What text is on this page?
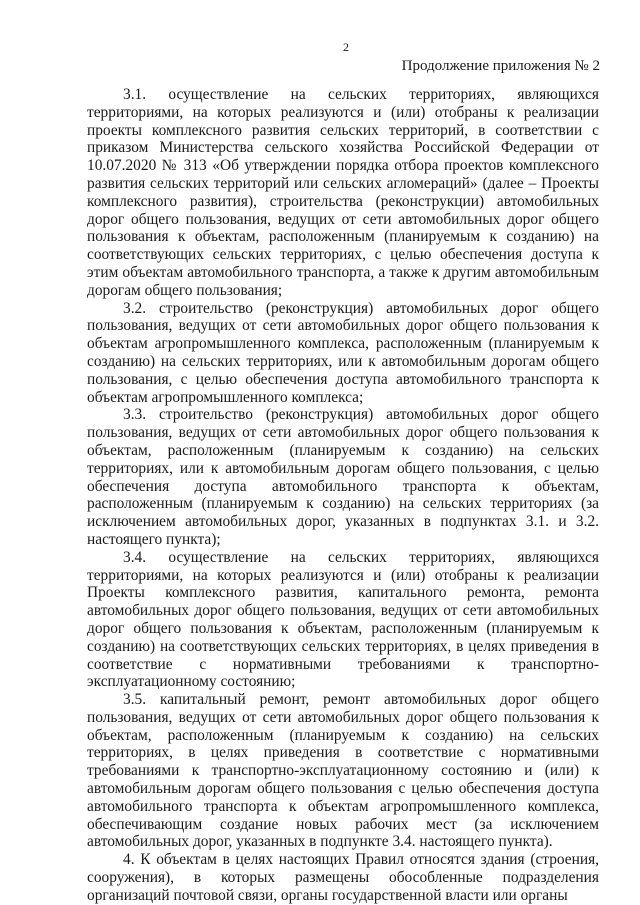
2
Продолжение приложения № 2

3.1. осуществление на сельских территориях, являющихся территориями, на которых реализуются и (или) отобраны к реализации проекты комплексного развития сельских территорий, в соответствии с приказом Министерства сельского хозяйства Российской Федерации от 10.07.2020 № 313 «Об утверждении порядка отбора проектов комплексного развития сельских территорий или сельских агломераций» (далее – Проекты комплексного развития), строительства (реконструкции) автомобильных дорог общего пользования, ведущих от сети автомобильных дорог общего пользования к объектам, расположенным (планируемым к созданию) на соответствующих сельских территориях, с целью обеспечения доступа к этим объектам автомобильного транспорта, а также к другим автомобильным дорогам общего пользования;

3.2. строительство (реконструкция) автомобильных дорог общего пользования, ведущих от сети автомобильных дорог общего пользования к объектам агропромышленного комплекса, расположенным (планируемым к созданию) на сельских территориях, или к автомобильным дорогам общего пользования, с целью обеспечения доступа автомобильного транспорта к объектам агропромышленного комплекса;

3.3. строительство (реконструкция) автомобильных дорог общего пользования, ведущих от сети автомобильных дорог общего пользования к объектам, расположенным (планируемым к созданию) на сельских территориях, или к автомобильным дорогам общего пользования, с целью обеспечения доступа автомобильного транспорта к объектам, расположенным (планируемым к созданию) на сельских территориях (за исключением автомобильных дорог, указанных в подпунктах 3.1. и 3.2. настоящего пункта);

3.4. осуществление на сельских территориях, являющихся территориями, на которых реализуются и (или) отобраны к реализации Проекты комплексного развития, капитального ремонта, ремонта автомобильных дорог общего пользования, ведущих от сети автомобильных дорог общего пользования к объектам, расположенным (планируемым к созданию) на соответствующих сельских территориях, в целях приведения в соответствие с нормативными требованиями к транспортно-эксплуатационному состоянию;

3.5. капитальный ремонт, ремонт автомобильных дорог общего пользования, ведущих от сети автомобильных дорог общего пользования к объектам, расположенным (планируемым к созданию) на сельских территориях, в целях приведения в соответствие с нормативными требованиями к транспортно-эксплуатационному состоянию и (или) к автомобильным дорогам общего пользования с целью обеспечения доступа автомобильного транспорта к объектам агропромышленного комплекса, обеспечивающим создание новых рабочих мест (за исключением автомобильных дорог, указанных в подпункте 3.4. настоящего пункта).

4. К объектам в целях настоящих Правил относятся здания (строения, сооружения), в которых размещены обособленные подразделения организаций почтовой связи, органы государственной власти или органы
